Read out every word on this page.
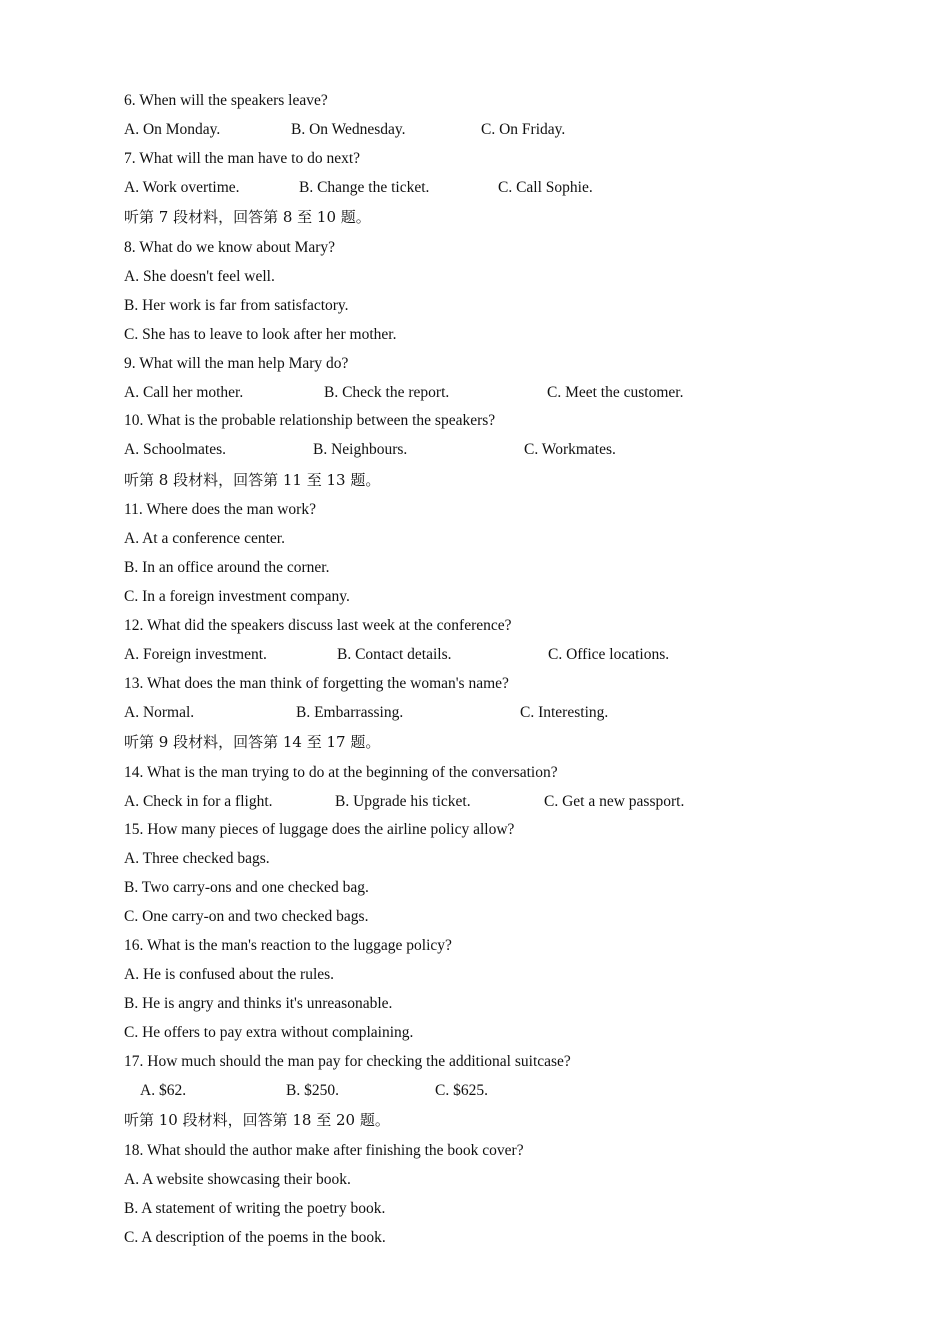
6. When will the speakers leave?
A. On Monday.	B. On Wednesday.	C. On Friday.
7. What will the man have to do next?
A. Work overtime.	B. Change the ticket.	C. Call Sophie.
听第 7 段材料，回答第 8 至 10 题。
8. What do we know about Mary?
A. She doesn't feel well.
B. Her work is far from satisfactory.
C. She has to leave to look after her mother.
9. What will the man help Mary do?
A. Call her mother.	B. Check the report.	C. Meet the customer.
10. What is the probable relationship between the speakers?
A. Schoolmates.	B. Neighbours.	C. Workmates.
听第 8 段材料，回答第 11 至 13 题。
11. Where does the man work?
A. At a conference center.
B. In an office around the corner.
C. In a foreign investment company.
12. What did the speakers discuss last week at the conference?
A. Foreign investment.	B. Contact details.	C. Office locations.
13. What does the man think of forgetting the woman's name?
A. Normal.	B. Embarrassing.	C. Interesting.
听第 9 段材料，回答第 14 至 17 题。
14. What is the man trying to do at the beginning of the conversation?
A. Check in for a flight.	B. Upgrade his ticket.	C. Get a new passport.
15. How many pieces of luggage does the airline policy allow?
A. Three checked bags.
B. Two carry-ons and one checked bag.
C. One carry-on and two checked bags.
16. What is the man's reaction to the luggage policy?
A. He is confused about the rules.
B. He is angry and thinks it's unreasonable.
C. He offers to pay extra without complaining.
17. How much should the man pay for checking the additional suitcase?
A. $62.	B. $250.	C. $625.
听第 10 段材料，回答第 18 至 20 题。
18. What should the author make after finishing the book cover?
A. A website showcasing their book.
B. A statement of writing the poetry book.
C. A description of the poems in the book.
